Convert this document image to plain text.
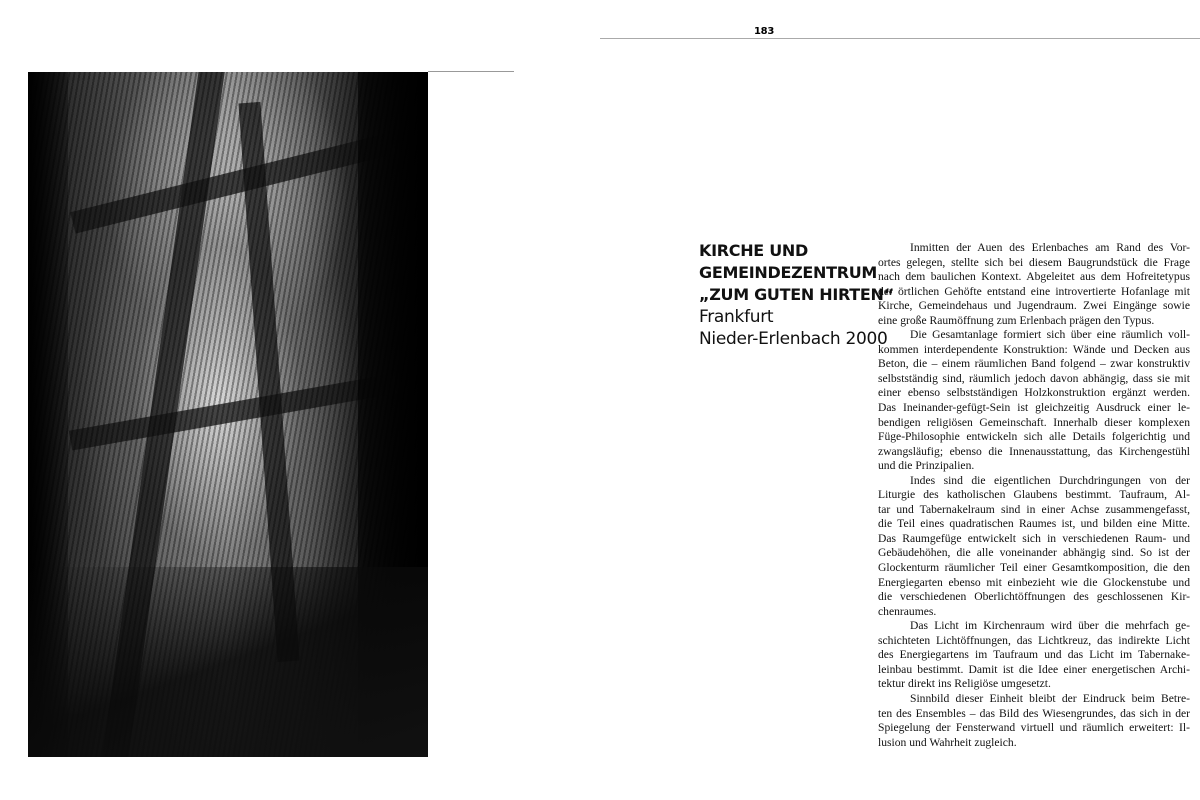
183
KIRCHE UND
GEMEINDEZENTRUM
„ZUM GUTEN HIRTEN“
Frankfurt
Nieder-Erlenbach 2000
Inmitten der Auen des Erlenbaches am Rand des Vor-
ortes gelegen, stellte sich bei diesem Baugrundstück die Frage
nach dem baulichen Kontext. Abgeleitet aus dem Hofreitetypus
der örtlichen Gehöfte entstand eine introvertierte Hofanlage mit
Kirche, Gemeindehaus und Jugendraum. Zwei Eingänge sowie
eine große Raumöffnung zum Erlenbach prägen den Typus.
Die Gesamtanlage formiert sich über eine räumlich voll-
kommen interdependente Konstruktion: Wände und Decken aus
Beton, die – einem räumlichen Band folgend – zwar konstruktiv
selbstständig sind, räumlich jedoch davon abhängig, dass sie mit
einer ebenso selbstständigen Holzkonstruktion ergänzt werden.
Das Ineinander-gefügt-Sein ist gleichzeitig Ausdruck einer le-
bendigen religiösen Gemeinschaft. Innerhalb dieser komplexen
Füge-Philosophie entwickeln sich alle Details folgerichtig und
zwangsläufig; ebenso die Innenausstattung, das Kirchengestühl
und die Prinzipalien.
Indes sind die eigentlichen Durchdringungen von der
Liturgie des katholischen Glaubens bestimmt. Taufraum, Al-
tar und Tabernakelraum sind in einer Achse zusammengefasst,
die Teil eines quadratischen Raumes ist, und bilden eine Mitte.
Das Raumgefüge entwickelt sich in verschiedenen Raum- und
Gebäudehöhen, die alle voneinander abhängig sind. So ist der
Glockenturm räumlicher Teil einer Gesamtkomposition, die den
Energiegarten ebenso mit einbezieht wie die Glockenstube und
die verschiedenen Oberlichtöffnungen des geschlossenen Kir-
chenraumes.
Das Licht im Kirchenraum wird über die mehrfach ge-
schichteten Lichtöffnungen, das Lichtkreuz, das indirekte Licht
des Energiegartens im Taufraum und das Licht im Tabernake-
leinbau bestimmt. Damit ist die Idee einer energetischen Archi-
tektur direkt ins Religiöse umgesetzt.
Sinnbild dieser Einheit bleibt der Eindruck beim Betre-
ten des Ensembles – das Bild des Wiesengrundes, das sich in der
Spiegelung der Fensterwand virtuell und räumlich erweitert: Il-
lusion und Wahrheit zugleich.
